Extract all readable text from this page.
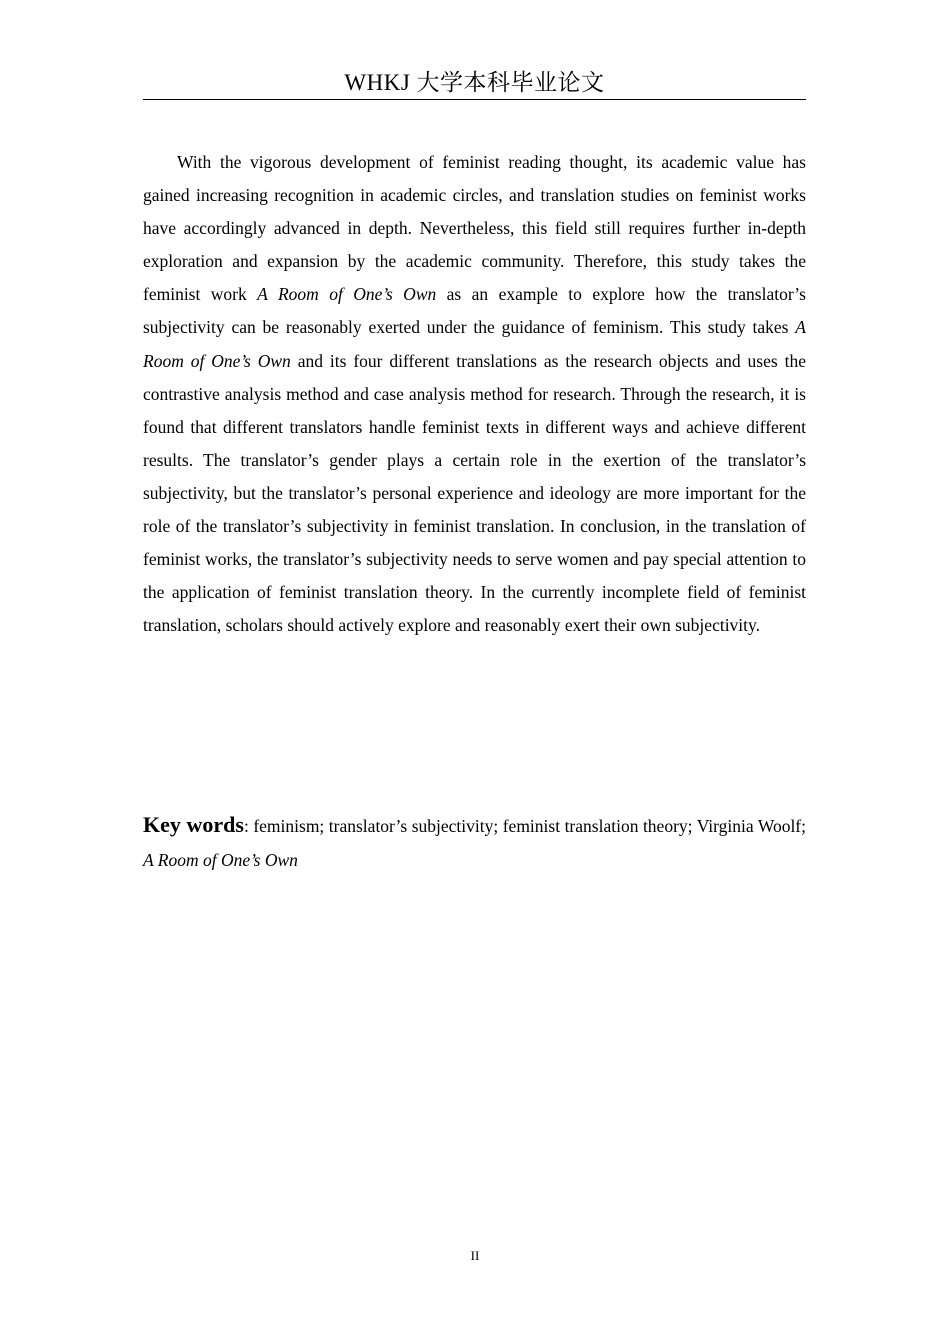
WHKJ 大学本科毕业论文

With the vigorous development of feminist reading thought, its academic value has gained increasing recognition in academic circles, and translation studies on feminist works have accordingly advanced in depth. Nevertheless, this field still requires further in-depth exploration and expansion by the academic community. Therefore, this study takes the feminist work A Room of One’s Own as an example to explore how the translator’s subjectivity can be reasonably exerted under the guidance of feminism. This study takes A Room of One’s Own and its four different translations as the research objects and uses the contrastive analysis method and case analysis method for research. Through the research, it is found that different translators handle feminist texts in different ways and achieve different results. The translator’s gender plays a certain role in the exertion of the translator’s subjectivity, but the translator’s personal experience and ideology are more important for the role of the translator’s subjectivity in feminist translation. In conclusion, in the translation of feminist works, the translator’s subjectivity needs to serve women and pay special attention to the application of feminist translation theory. In the currently incomplete field of feminist translation, scholars should actively explore and reasonably exert their own subjectivity.

Key words: feminism; translator’s subjectivity; feminist translation theory; Virginia Woolf; A Room of One’s Own

II
